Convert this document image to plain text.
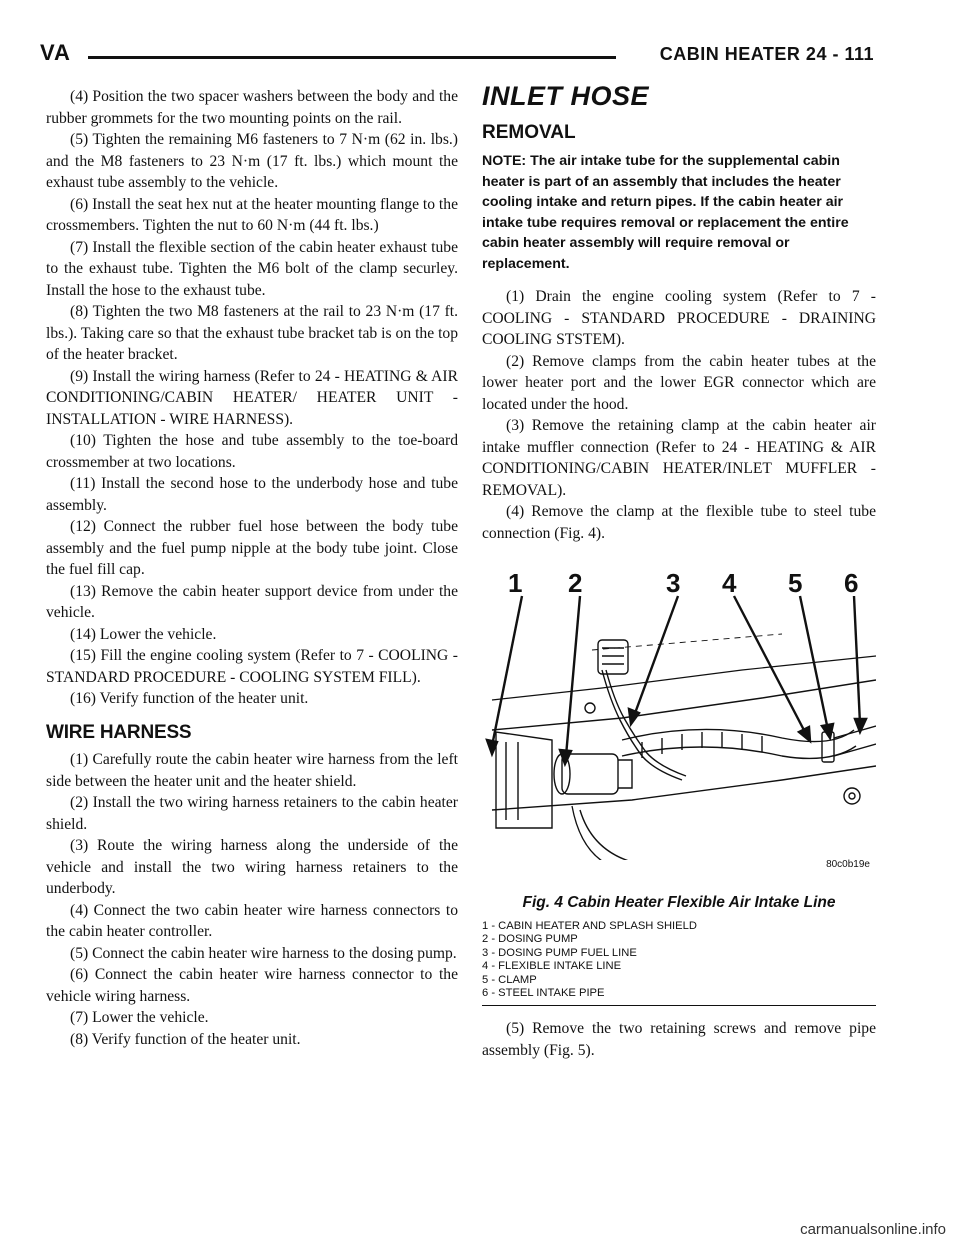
VA	CABIN HEATER 24 - 111

(4) Position the two spacer washers between the body and the rubber grommets for the two mounting points on the rail.

(5) Tighten the remaining M6 fasteners to 7 N·m (62 in. lbs.) and the M8 fasteners to 23 N·m (17 ft. lbs.) which mount the exhaust tube assembly to the vehicle.

(6) Install the seat hex nut at the heater mounting flange to the crossmembers. Tighten the nut to 60 N·m (44 ft. lbs.)

(7) Install the flexible section of the cabin heater exhaust tube to the exhaust tube. Tighten the M6 bolt of the clamp securley. Install the hose to the exhaust tube.

(8) Tighten the two M8 fasteners at the rail to 23 N·m (17 ft. lbs.). Taking care so that the exhaust tube bracket tab is on the top of the heater bracket.

(9) Install the wiring harness (Refer to 24 - HEATING & AIR CONDITIONING/CABIN HEATER/ HEATER UNIT - INSTALLATION - WIRE HARNESS).

(10) Tighten the hose and tube assembly to the toe-board crossmember at two locations.

(11) Install the second hose to the underbody hose and tube assembly.

(12) Connect the rubber fuel hose between the body tube assembly and the fuel pump nipple at the body tube joint. Close the fuel fill cap.

(13) Remove the cabin heater support device from under the vehicle.

(14) Lower the vehicle.

(15) Fill the engine cooling system (Refer to 7 - COOLING - STANDARD PROCEDURE - COOLING SYSTEM FILL).

(16) Verify function of the heater unit.

WIRE HARNESS

(1) Carefully route the cabin heater wire harness from the left side between the heater unit and the heater shield.

(2) Install the two wiring harness retainers to the cabin heater shield.

(3) Route the wiring harness along the underside of the vehicle and install the two wiring harness retainers to the underbody.

(4) Connect the two cabin heater wire harness connectors to the cabin heater controller.

(5) Connect the cabin heater wire harness to the dosing pump.

(6) Connect the cabin heater wire harness connector to the vehicle wiring harness.

(7) Lower the vehicle.

(8) Verify function of the heater unit.

INLET HOSE
REMOVAL

NOTE: The air intake tube for the supplemental cabin heater is part of an assembly that includes the heater cooling intake and return pipes. If the cabin heater air intake tube requires removal or replacement the entire cabin heater assembly will require removal or replacement.

(1) Drain the engine cooling system (Refer to 7 - COOLING - STANDARD PROCEDURE - DRAINING COOLING STSTEM).

(2) Remove clamps from the cabin heater tubes at the lower heater port and the lower EGR connector which are located under the hood.

(3) Remove the retaining clamp at the cabin heater air intake muffler connection (Refer to 24 - HEATING & AIR CONDITIONING/CABIN HEATER/INLET MUFFLER - REMOVAL).

(4) Remove the clamp at the flexible tube to steel tube connection (Fig. 4).

1 2	3 4 5 6
80c0b19e
Fig. 4 Cabin Heater Flexible Air Intake Line
1 - CABIN HEATER AND SPLASH SHIELD
2 - DOSING PUMP
3 - DOSING PUMP FUEL LINE
4 - FLEXIBLE INTAKE LINE
5 - CLAMP
6 - STEEL INTAKE PIPE

(5) Remove the two retaining screws and remove pipe assembly (Fig. 5).

carmanualsonline.info
